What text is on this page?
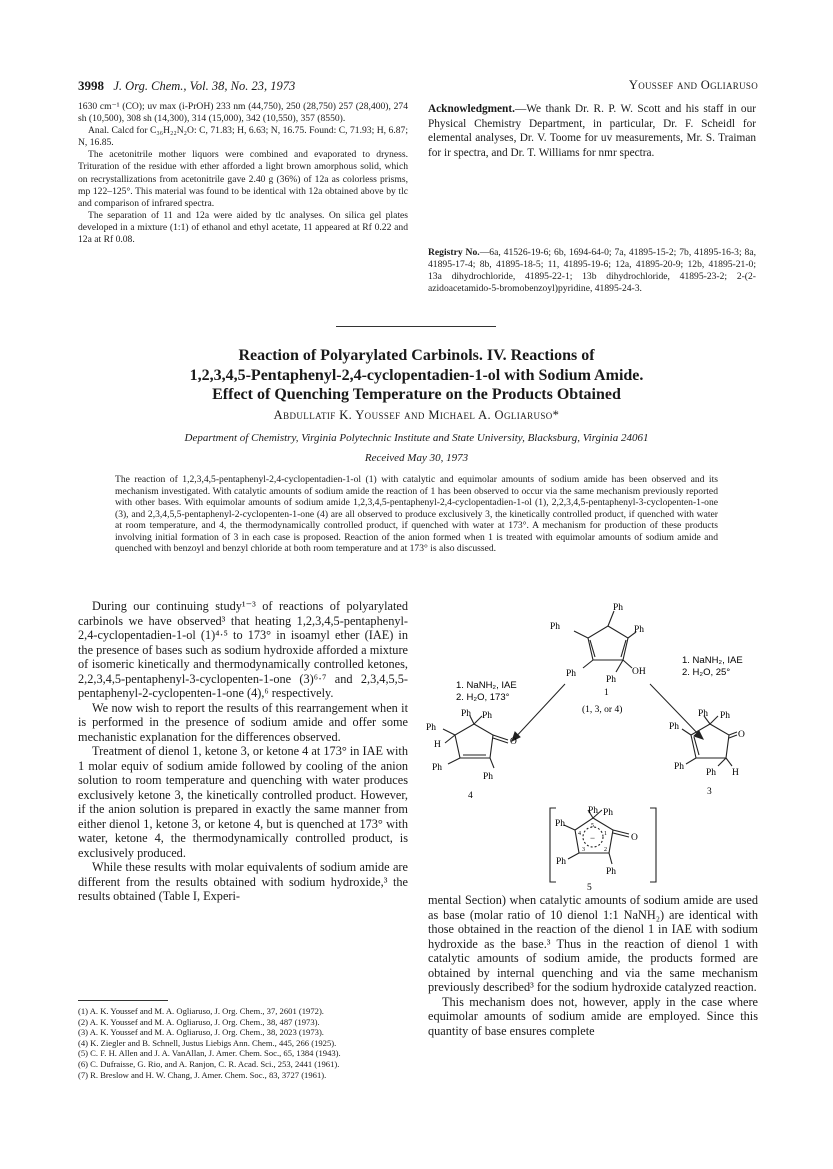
3998 J. Org. Chem., Vol. 38, No. 23, 1973	Youssef and Ogliaruso

1630 cm⁻¹ (CO); uv max (i-PrOH) 233 nm (44,750), 250 (28,750) 257 (28,400), 274 sh (10,500), 308 sh (14,300), 314 (15,000), 342 (10,550), 357 (8550).

Anal. Calcd for C₃₆H₂₂N₂O: C, 71.83; H, 6.63; N, 16.75. Found: C, 71.93; H, 6.87; N, 16.85.

The acetonitrile mother liquors were combined and evaporated to dryness. Trituration of the residue with ether afforded a light brown amorphous solid, which on recrystallizations from acetonitrile gave 2.40 g (36%) of 12a as colorless prisms, mp 122–125°. This material was found to be identical with 12a obtained above by tlc and comparison of infrared spectra.

The separation of 11 and 12a were aided by tlc analyses. On silica gel plates developed in a mixture (1:1) of ethanol and ethyl acetate, 11 appeared at Rf 0.22 and 12a at Rf 0.08.

Acknowledgment.—We thank Dr. R. P. W. Scott and his staff in our Physical Chemistry Department, in particular, Dr. F. Scheidl for elemental analyses, Dr. V. Toome for uv measurements, Mr. S. Traiman for ir spectra, and Dr. T. Williams for nmr spectra.
Registry No.—6a, 41526-19-6; 6b, 1694-64-0; 7a, 41895-15-2; 7b, 41895-16-3; 8a, 41895-17-4; 8b, 41895-18-5; 11, 41895-19-6; 12a, 41895-20-9; 12b, 41895-21-0; 13a dihydrochloride, 41895-22-1; 13b dihydrochloride, 41895-23-2; 2-(2-azidoacetamido-5-bromobenzoyl)pyridine, 41895-24-3.
Reaction of Polyarylated Carbinols. IV. Reactions of
1,2,3,4,5-Pentaphenyl-2,4-cyclopentadien-1-ol with Sodium Amide.
Effect of Quenching Temperature on the Products Obtained
Abdullatif K. Youssef and Michael A. Ogliaruso*
Department of Chemistry, Virginia Polytechnic Institute and State University, Blacksburg, Virginia 24061
Received May 30, 1973
The reaction of 1,2,3,4,5-pentaphenyl-2,4-cyclopentadien-1-ol (1) with catalytic and equimolar amounts of sodium amide has been observed and its mechanism investigated. With catalytic amounts of sodium amide the reaction of 1 has been observed to occur via the same mechanism previously reported with other bases. With equimolar amounts of sodium amide 1,2,3,4,5-pentaphenyl-2,4-cyclopentadien-1-ol (1), 2,2,3,4,5-pentaphenyl-3-cyclopenten-1-one (3), and 2,3,4,5,5-pentaphenyl-2-cyclopenten-1-one (4) are all observed to produce exclusively 3, the kinetically controlled product, if quenched with water at room temperature, and 4, the thermodynamically controlled product, if quenched with water at 173°. A mechanism for production of these products involving initial formation of 3 in each case is proposed. Reaction of the anion formed when 1 is treated with equimolar amounts of sodium amide and quenched with benzoyl and benzyl chloride at both room temperature and at 173° is also discussed.

During our continuing study¹⁻³ of reactions of polyarylated carbinols we have observed³ that heating 1,2,3,4,5-pentaphenyl-2,4-cyclopentadien-1-ol (1)⁴·⁵ to 173° in isoamyl ether (IAE) in the presence of bases such as sodium hydroxide afforded a mixture of isomeric kinetically and thermodynamically controlled ketones, 2,2,3,4,5-pentaphenyl-3-cyclopenten-1-one (3)⁶·⁷ and 2,3,4,5,5-pentaphenyl-2-cyclopenten-1-one (4),⁶ respectively.

We now wish to report the results of this rearrangement when it is performed in the presence of sodium amide and offer some mechanistic explanation for the differences observed.

Treatment of dienol 1, ketone 3, or ketone 4 at 173° in IAE with 1 molar equiv of sodium amide followed by cooling of the anion solution to room temperature and quenching with water produces exclusively ketone 3, the kinetically controlled product. However, if the anion solution is prepared in exactly the same manner from either dienol 1, ketone 3, or ketone 4, but is quenched at 173° with water, ketone 4, the thermodynamically controlled product, is exclusively produced.

While these results with molar equivalents of sodium amide are different from the results obtained with sodium hydroxide,³ the results obtained (Table I, Experi-

(1) A. K. Youssef and M. A. Ogliaruso, J. Org. Chem., 37, 2601 (1972).

(2) A. K. Youssef and M. A. Ogliaruso, J. Org. Chem., 38, 487 (1973).

(3) A. K. Youssef and M. A. Ogliaruso, J. Org. Chem., 38, 2023 (1973).

(4) K. Ziegler and B. Schnell, Justus Liebigs Ann. Chem., 445, 266 (1925).

(5) C. F. H. Allen and J. A. VanAllan, J. Amer. Chem. Soc., 65, 1384 (1943).

(6) C. Dufraisse, G. Rio, and A. Ranjon, C. R. Acad. Sci., 253, 2441 (1961).

(7) R. Breslow and H. W. Chang, J. Amer. Chem. Soc., 83, 3727 (1961).

Ph
Ph	Ph
OH
Ph
Ph
1
(1, 3, or 4)
1. NaNH₂, IAE
2. H₂O, 173°
1. NaNH₂, IAE
2. H₂O, 25°
Ph Ph
Ph
H	O
Ph
Ph
4
Ph Ph
Ph
O
Ph
Ph H
3
Ph Ph
Ph
O
Ph
Ph
− 1
2
3
4
5
5

mental Section) when catalytic amounts of sodium amide are used as base (molar ratio of 10 dienol 1:1 NaNH₂) are identical with those obtained in the reaction of the dienol 1 in IAE with sodium hydroxide as the base.³ Thus in the reaction of dienol 1 with catalytic amounts of sodium amide, the products formed are obtained by internal quenching and via the same mechanism previously described³ for the sodium hydroxide catalyzed reaction.

This mechanism does not, however, apply in the case where equimolar amounts of sodium amide are employed. Since this quantity of base ensures complete
